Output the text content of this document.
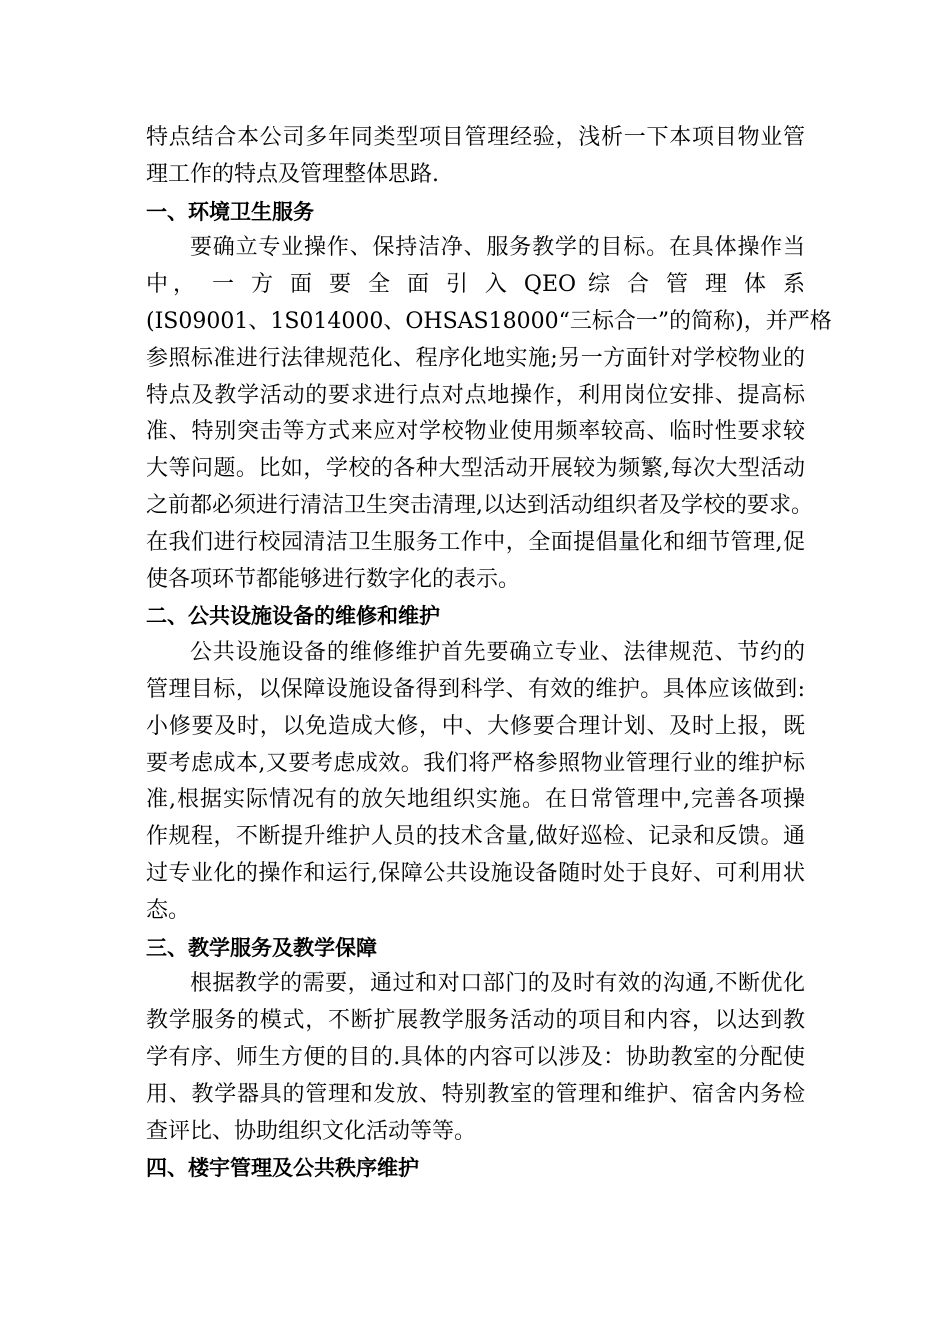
特点结合本公司多年同类型项目管理经验，浅析一下本项目物业管
理工作的特点及管理整体思路.

一、环境卫生服务

要确立专业操作、保持洁净、服务教学的目标。在具体操作当
中， 一 方 面 要 全 面 引 入 QEO 综 合 管 理 体 系
(IS09001、1S014000、OHSAS18000“三标合一”的简称)，并严格
参照标准进行法律规范化、程序化地实施;另一方面针对学校物业的
特点及教学活动的要求进行点对点地操作，利用岗位安排、提高标
准、特别突击等方式来应对学校物业使用频率较高、临时性要求较
大等问题。比如，学校的各种大型活动开展较为频繁,每次大型活动
之前都必须进行清洁卫生突击清理,以达到活动组织者及学校的要求。
在我们进行校园清洁卫生服务工作中，全面提倡量化和细节管理,促
使各项环节都能够进行数字化的表示。

二、公共设施设备的维修和维护

公共设施设备的维修维护首先要确立专业、法律规范、节约的
管理目标，以保障设施设备得到科学、有效的维护。具体应该做到:
小修要及时，以免造成大修，中、大修要合理计划、及时上报，既
要考虑成本,又要考虑成效。我们将严格参照物业管理行业的维护标
准,根据实际情况有的放矢地组织实施。在日常管理中,完善各项操
作规程，不断提升维护人员的技术含量,做好巡检、记录和反馈。通
过专业化的操作和运行,保障公共设施设备随时处于良好、可利用状
态。

三、教学服务及教学保障

根据教学的需要，通过和对口部门的及时有效的沟通,不断优化
教学服务的模式，不断扩展教学服务活动的项目和内容，以达到教
学有序、师生方便的目的.具体的内容可以涉及：协助教室的分配使
用、教学器具的管理和发放、特别教室的管理和维护、宿舍内务检
查评比、协助组织文化活动等等。

四、楼宇管理及公共秩序维护
